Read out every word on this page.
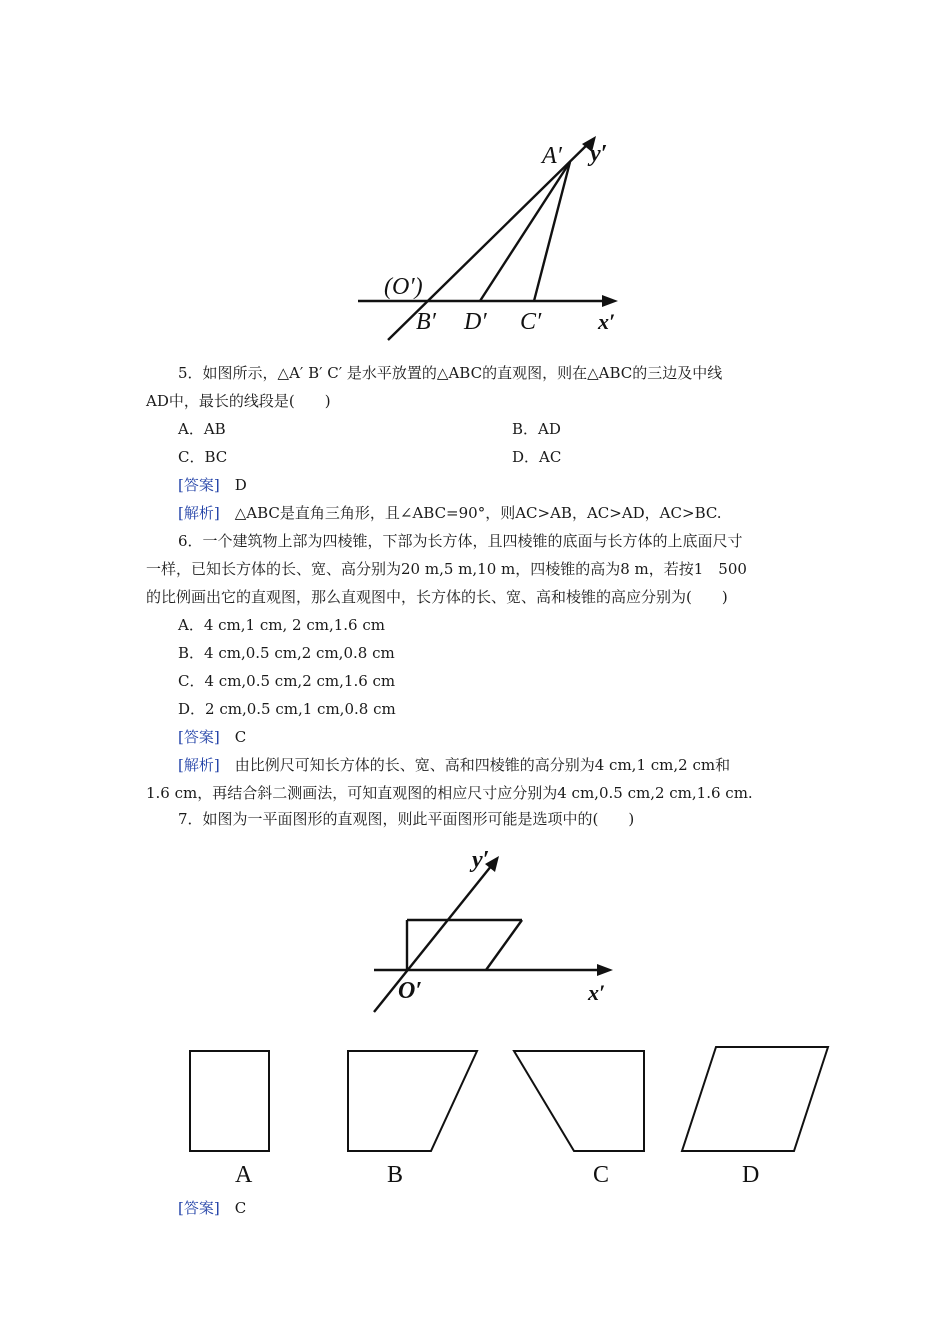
A′ y′
(O′)
B′ D′ C′	x′
5．如图所示，△A′ B′ C′ 是水平放置的△ABC的直观图，则在△ABC的三边及中线
AD中，最长的线段是(　　)
A．AB	B．AD
C．BC	D．AC
[答案]　 D
[解析]　 △ABC是直角三角形，且∠ABC=90°，则AC>AB，AC>AD，AC>BC.
6．一个建筑物上部为四棱锥，下部为长方体，且四棱锥的底面与长方体的上底面尺寸
一样，已知长方体的长、宽、高分别为20 m,5 m,10 m，四棱锥的高为8 m，若按1　500
的比例画出它的直观图，那么直观图中，长方体的长、宽、高和棱锥的高应分别为(　　)
A．4 cm,1 cm, 2 cm,1.6 cm
B．4 cm,0.5 cm,2 cm,0.8 cm
C．4 cm,0.5 cm,2 cm,1.6 cm
D．2 cm,0.5 cm,1 cm,0.8 cm
[答案]　 C
[解析]　 由比例尺可知长方体的长、宽、高和四棱锥的高分别为4 cm,1 cm,2 cm和
1.6 cm，再结合斜二测画法，可知直观图的相应尺寸应分别为4 cm,0.5 cm,2 cm,1.6 cm.
7．如图为一平面图形的直观图，则此平面图形可能是选项中的(　　)
y′
O′	x′
A	B	C	D
[答案]　 C
